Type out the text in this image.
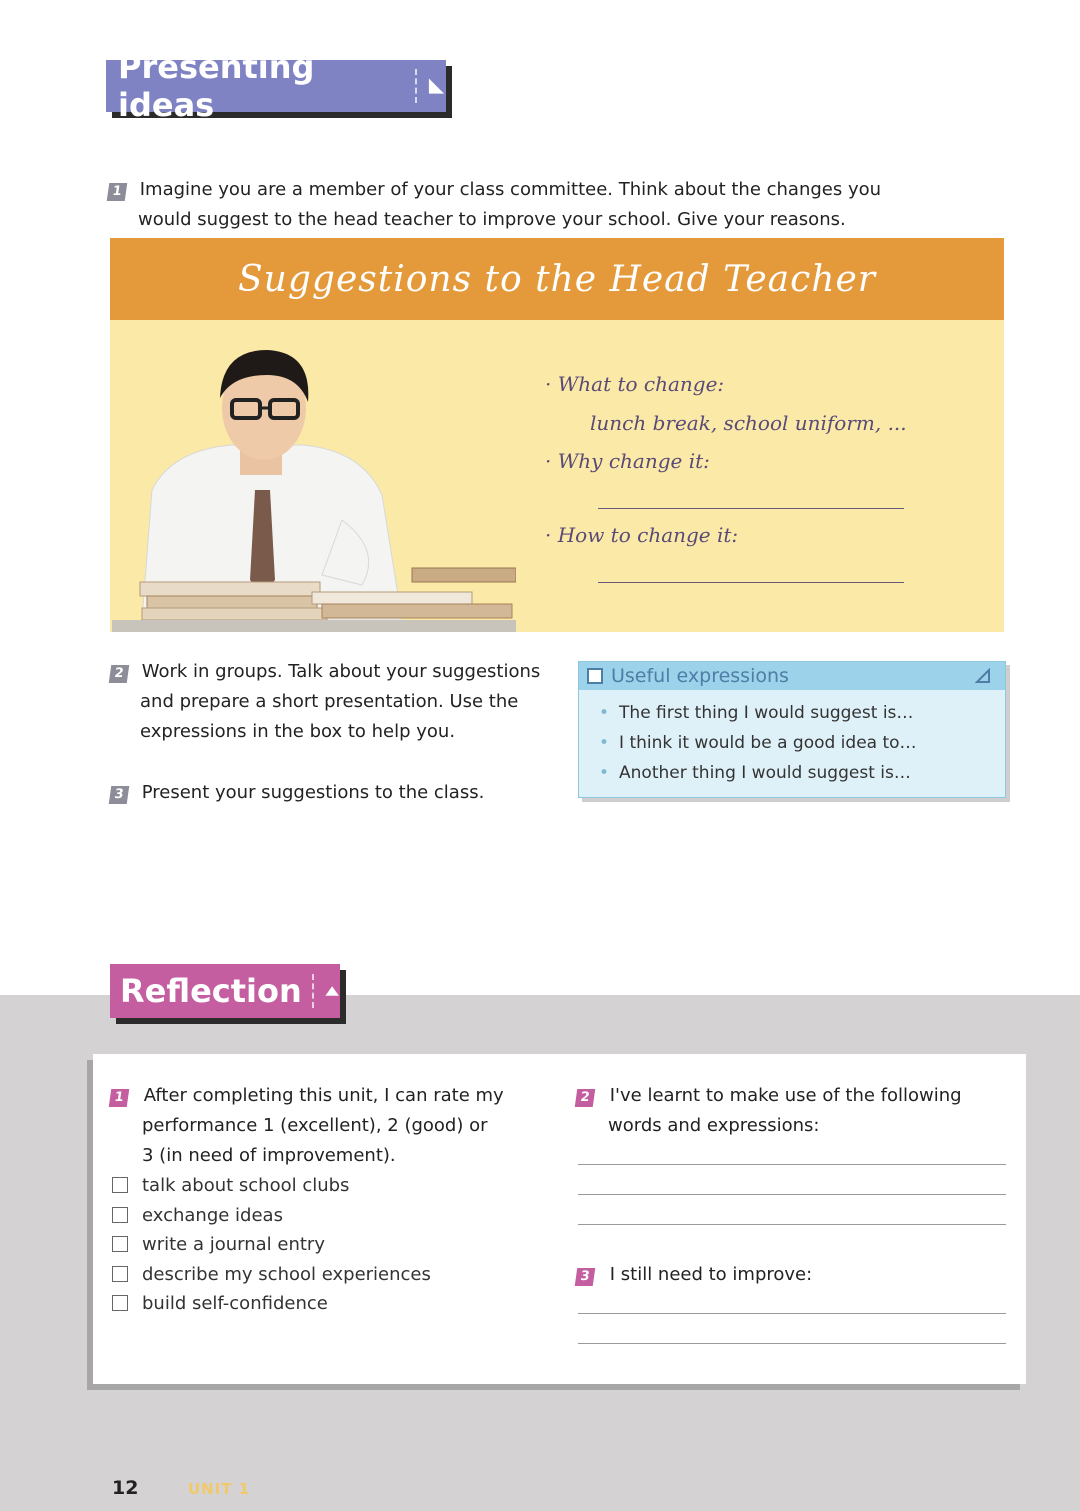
Presenting ideas
1 Imagine you are a member of your class committee. Think about the changes you
would suggest to the head teacher to improve your school. Give your reasons.
Suggestions to the Head Teacher
· What to change:
lunch break, school uniform, ...
· Why change it:
· How to change it:
2 Work in groups. Talk about your suggestions
and prepare a short presentation. Use the
expressions in the box to help you.
3 Present your suggestions to the class.
Useful expressions
• The first thing I would suggest is…
• I think it would be a good idea to…
• Another thing I would suggest is…
Reflection
1 After completing this unit, I can rate my
performance 1 (excellent), 2 (good) or
3 (in need of improvement).
talk about school clubs
exchange ideas
write a journal entry
describe my school experiences
build self-confidence
2 I've learnt to make use of the following
words and expressions:
3 I still need to improve:
12	UNIT 1
